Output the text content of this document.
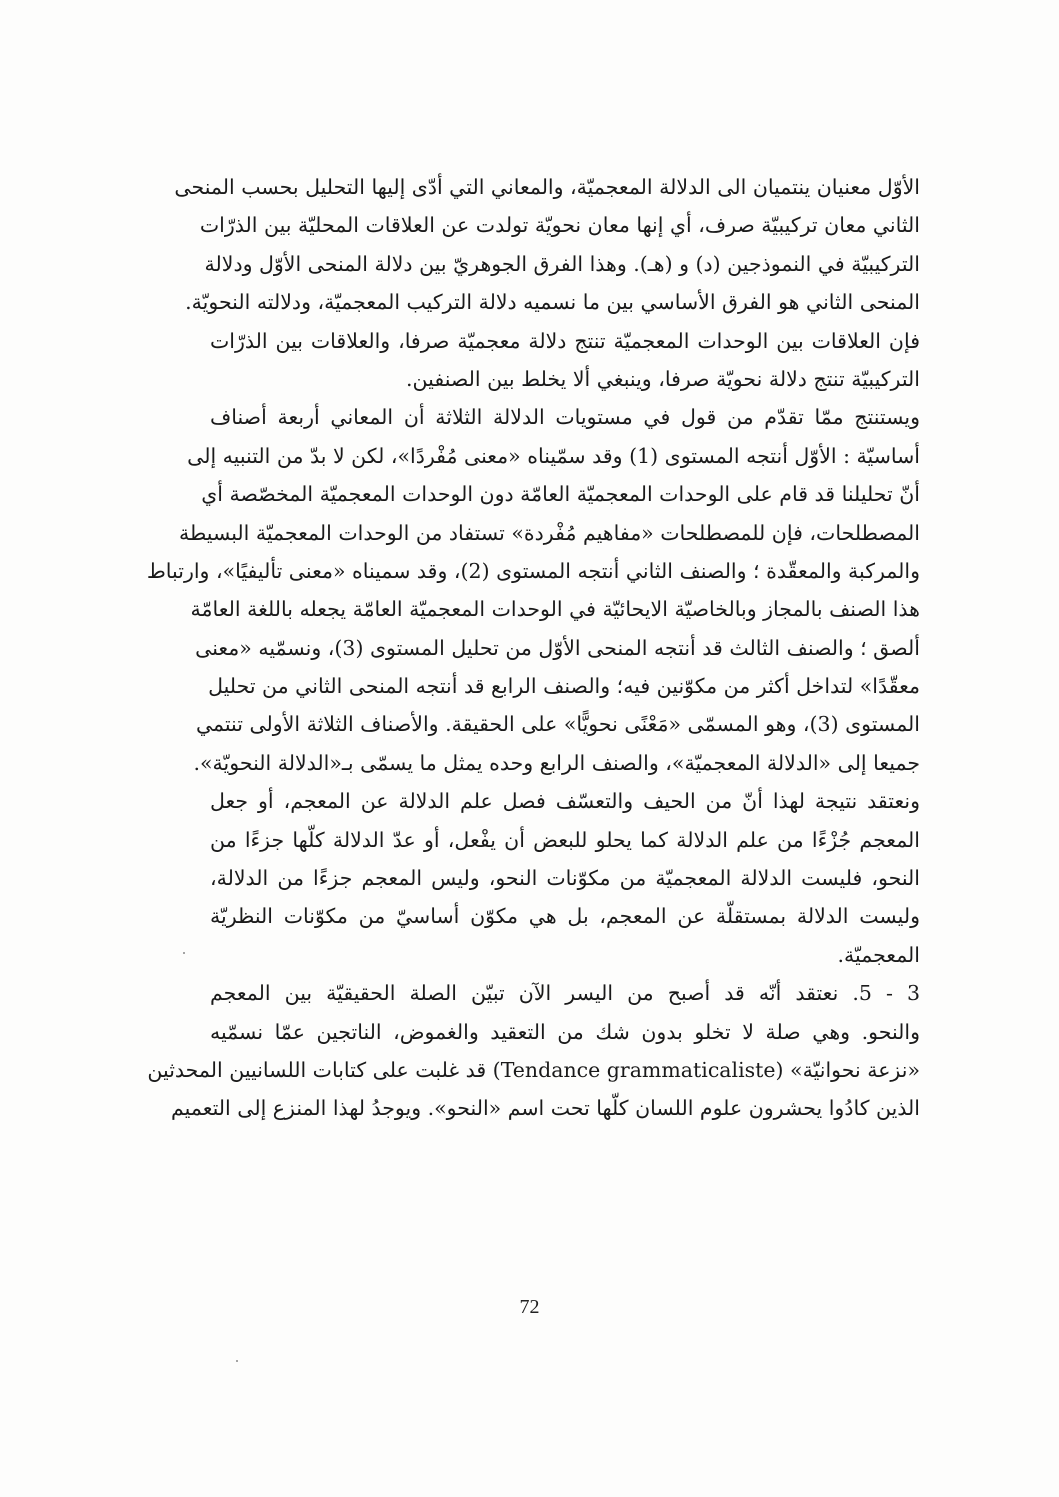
الأوّل معنيان ينتميان الى الدلالة المعجميّة، والمعاني التي أدّى إليها التحليل بحسب المنحى
الثاني معان تركيبيّة صرف، أي إنها معان نحويّة تولدت عن العلاقات المحليّة بين الذرّات
التركيبيّة في النموذجين (د) و (هـ). وهذا الفرق الجوهريّ بين دلالة المنحى الأوّل ودلالة
المنحى الثاني هو الفرق الأساسي بين ما نسميه دلالة التركيب المعجميّة، ودلالته النحويّة.
فإن العلاقات بين الوحدات المعجميّة تنتج دلالة معجميّة صرفا، والعلاقات بين الذرّات
التركيبيّة تنتج دلالة نحويّة صرفا، وينبغي ألا يخلط بين الصنفين.
ويستنتج ممّا تقدّم من قول في مستويات الدلالة الثلاثة أن المعاني أربعة أصناف
أساسيّة : الأوّل أنتجه المستوى (1) وقد سمّيناه «معنى مُفْردًا»، لكن لا بدّ من التنبيه إلى
أنّ تحليلنا قد قام على الوحدات المعجميّة العامّة دون الوحدات المعجميّة المخصّصة أي
المصطلحات، فإن للمصطلحات «مفاهيم مُفْردة» تستفاد من الوحدات المعجميّة البسيطة
والمركبة والمعقّدة ؛ والصنف الثاني أنتجه المستوى (2)، وقد سميناه «معنى تأليفيًا»، وارتباط
هذا الصنف بالمجاز وبالخاصيّة الايحائيّة في الوحدات المعجميّة العامّة يجعله باللغة العامّة
ألصق ؛ والصنف الثالث قد أنتجه المنحى الأوّل من تحليل المستوى (3)، ونسمّيه «معنى
معقّدًا» لتداخل أكثر من مكوّنين فيه؛ والصنف الرابع قد أنتجه المنحى الثاني من تحليل
المستوى (3)، وهو المسمّى «مَعْنًى نحويًّا» على الحقيقة. والأصناف الثلاثة الأولى تنتمي
جميعا إلى «الدلالة المعجميّة»، والصنف الرابع وحده يمثل ما يسمّى بـ«الدلالة النحويّة».
ونعتقد نتيجة لهذا أنّ من الحيف والتعسّف فصل علم الدلالة عن المعجم، أو جعل
المعجم جُزْءًا من علم الدلالة كما يحلو للبعض أن يفْعل، أو عدّ الدلالة كلّها جزءًا من
النحو، فليست الدلالة المعجميّة من مكوّنات النحو، وليس المعجم جزءًا من الدلالة،
وليست الدلالة بمستقلّة عن المعجم، بل هي مكوّن أساسيّ من مكوّنات النظريّة
المعجميّة.
3 - 5. نعتقد أنّه قد أصبح من اليسر الآن تبيّن الصلة الحقيقيّة بين المعجم
والنحو. وهي صلة لا تخلو بدون شك من التعقيد والغموض، الناتجين عمّا نسمّيه
«نزعة نحوانيّة» (Tendance grammaticaliste) قد غلبت على كتابات اللسانيين المحدثين
الذين كادُوا يحشرون علوم اللسان كلّها تحت اسم «النحو». ويوجدُ لهذا المنزع إلى التعميم
72
